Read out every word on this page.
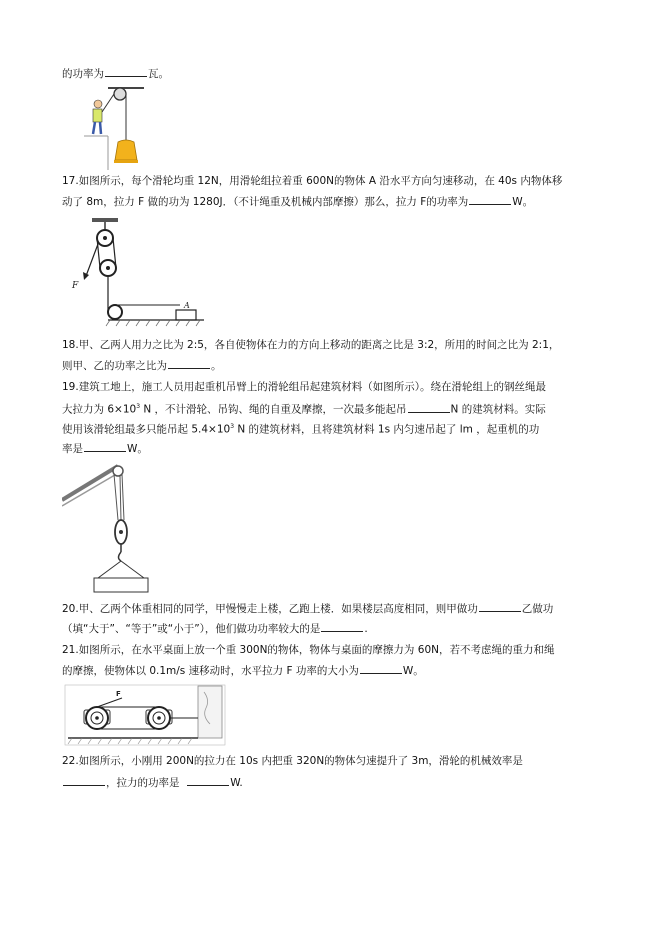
的功率为	瓦。
17.如图所示，每个滑轮均重 12N，用滑轮组拉着重 600N的物体 A 沿水平方向匀速移动，在 40s 内物体移
动了 8m，拉力 F 做的功为 1280J．（不计绳重及机械内部摩擦）那么，拉力 F的功率为	W。
F
A
18.甲、乙两人用力之比为 2:5，各自使物体在力的方向上移动的距离之比是 3:2，所用的时间之比为 2:1，
则甲、乙的功率之比为	。
19.建筑工地上，施工人员用起重机吊臂上的滑轮组吊起建筑材料（如图所示）。绕在滑轮组上的钢丝绳最
大拉力为 $6\times 10^3$ N ，不计滑轮、吊钩、绳的自重及摩擦，一次最多能起吊	N 的建筑材料。实际
使用该滑轮组最多只能吊起 $5.4\times 10^3$ N 的建筑材料，且将建筑材料 1s 内匀速吊起了 lm ，起重机的功
率是	W。
20.甲、乙两个体重相同的同学，甲慢慢走上楼，乙跑上楼．如果楼层高度相同，则甲做功	乙做功
（填“大于”、“等于”或“小于”），他们做功功率较大的是	.
21.如图所示，在水平桌面上放一个重 300N的物体，物体与桌面的摩擦力为 60N，若不考虑绳的重力和绳
的摩擦，使物体以 0.1m/s 速移动时，水平拉力 F 功率的大小为	W。
F
22.如图所示，小刚用 200N的拉力在 10s 内把重 320N的物体匀速提升了 3m，滑轮的机械效率是
，拉力的功率是	W.
